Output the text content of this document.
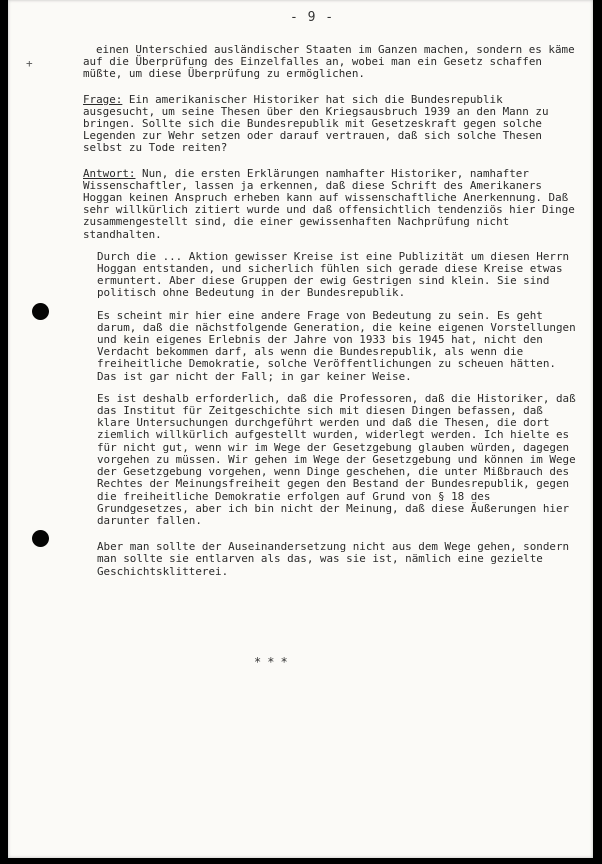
- 9 -
+

einen Unterschied ausländischer Staaten im Ganzen machen, sondern es käme auf die Überprüfung des Einzelfalles an, wobei man ein Gesetz schaffen müßte, um diese Überprüfung zu ermöglichen.

Frage: Ein amerikanischer Historiker hat sich die Bundesrepublik ausgesucht, um seine Thesen über den Kriegsausbruch 1939 an den Mann zu bringen. Sollte sich die Bundesrepublik mit Gesetzeskraft gegen solche Legenden zur Wehr setzen oder darauf vertrauen, daß sich solche Thesen selbst zu Tode reiten?

Antwort: Nun, die ersten Erklärungen namhafter Historiker, namhafter Wissenschaftler, lassen ja erkennen, daß diese Schrift des Amerikaners Hoggan keinen Anspruch erheben kann auf wissenschaftliche Anerkennung. Daß sehr willkürlich zitiert wurde und daß offensichtlich tendenziös hier Dinge zusammengestellt sind, die einer gewissenhaften Nachprüfung nicht standhalten.

Durch die ... Aktion gewisser Kreise ist eine Publizität um diesen Herrn Hoggan entstanden, und sicherlich fühlen sich gerade diese Kreise etwas ermuntert. Aber diese Gruppen der ewig Gestrigen sind klein. Sie sind politisch ohne Bedeutung in der Bundesrepublik.

Es scheint mir hier eine andere Frage von Bedeutung zu sein. Es geht darum, daß die nächstfolgende Generation, die keine eigenen Vorstellungen und kein eigenes Erlebnis der Jahre von 1933 bis 1945 hat, nicht den Verdacht bekommen darf, als wenn die Bundesrepublik, als wenn die freiheitliche Demokratie, solche Veröffentlichungen zu scheuen hätten. Das ist gar nicht der Fall; in gar keiner Weise.

Es ist deshalb erforderlich, daß die Professoren, daß die Historiker, daß das Institut für Zeitgeschichte sich mit diesen Dingen befassen, daß klare Untersuchungen durchgeführt werden und daß die Thesen, die dort ziemlich willkürlich aufgestellt wurden, widerlegt werden. Ich hielte es für nicht gut, wenn wir im Wege der Gesetzgebung glauben würden, dagegen vorgehen zu müssen. Wir gehen im Wege der Gesetzgebung und können im Wege der Gesetzgebung vorgehen, wenn Dinge geschehen, die unter Mißbrauch des Rechtes der Meinungsfreiheit gegen den Bestand der Bundesrepublik, gegen die freiheitliche Demokratie erfolgen auf Grund von § 18 des Grundgesetzes, aber ich bin nicht der Meinung, daß diese Äußerungen hier darunter fallen.

Aber man sollte der Auseinandersetzung nicht aus dem Wege gehen, sondern man sollte sie entlarven als das, was sie ist, nämlich eine gezielte Geschichtsklitterei.

***
